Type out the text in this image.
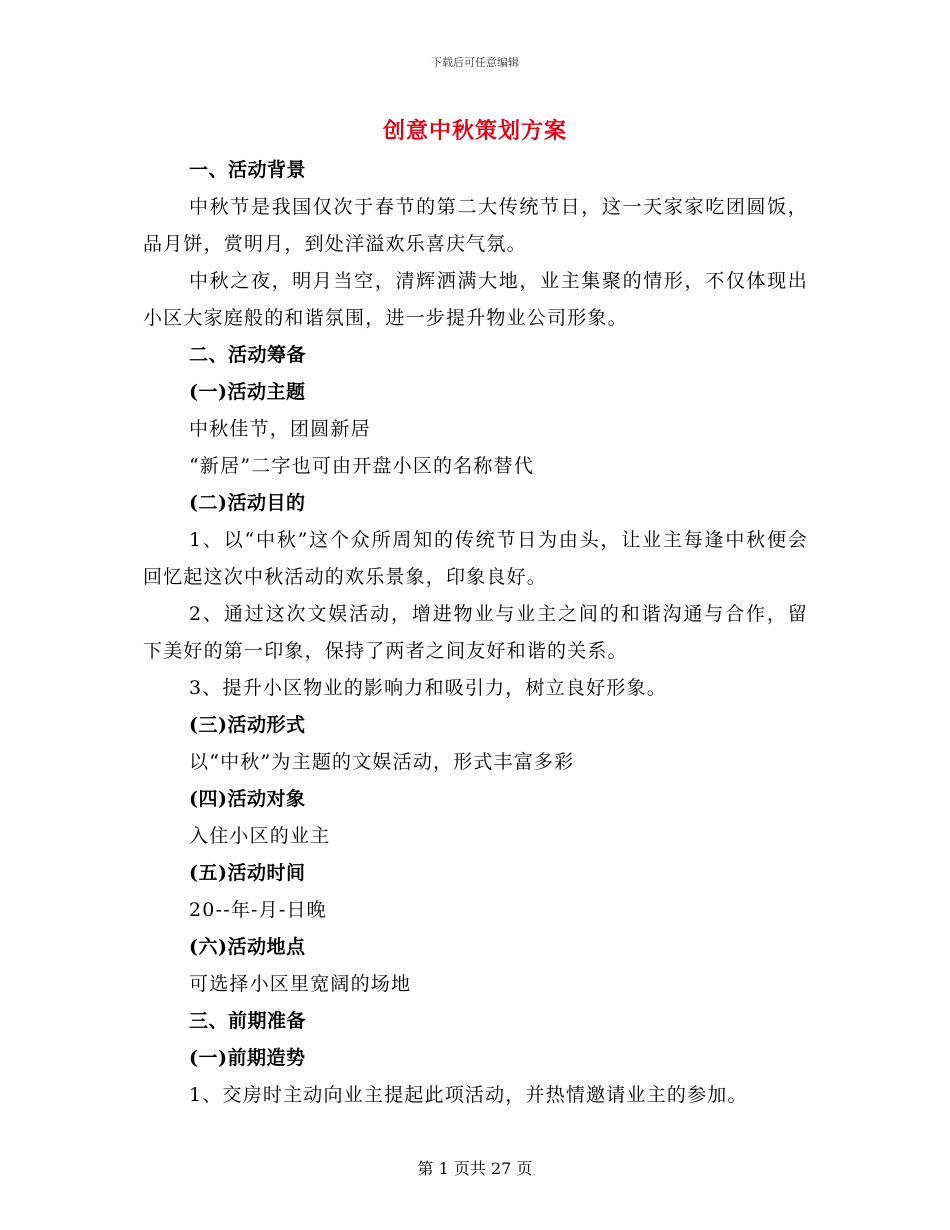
下载后可任意编辑
创意中秋策划方案
一、活动背景
中秋节是我国仅次于春节的第二大传统节日，这一天家家吃团圆饭，品月饼，赏明月，到处洋溢欢乐喜庆气氛。
中秋之夜，明月当空，清辉洒满大地，业主集聚的情形，不仅体现出小区大家庭般的和谐氛围，进一步提升物业公司形象。
二、活动筹备
(一)活动主题
中秋佳节，团圆新居
“新居”二字也可由开盘小区的名称替代
(二)活动目的
1、以“中秋”这个众所周知的传统节日为由头，让业主每逢中秋便会回忆起这次中秋活动的欢乐景象，印象良好。
2、通过这次文娱活动，增进物业与业主之间的和谐沟通与合作，留下美好的第一印象，保持了两者之间友好和谐的关系。
3、提升小区物业的影响力和吸引力，树立良好形象。
(三)活动形式
以“中秋”为主题的文娱活动，形式丰富多彩
(四)活动对象
入住小区的业主
(五)活动时间
20--年-月-日晚
(六)活动地点
可选择小区里宽阔的场地
三、前期准备
(一)前期造势
1、交房时主动向业主提起此项活动，并热情邀请业主的参加。
第 1 页共 27 页
